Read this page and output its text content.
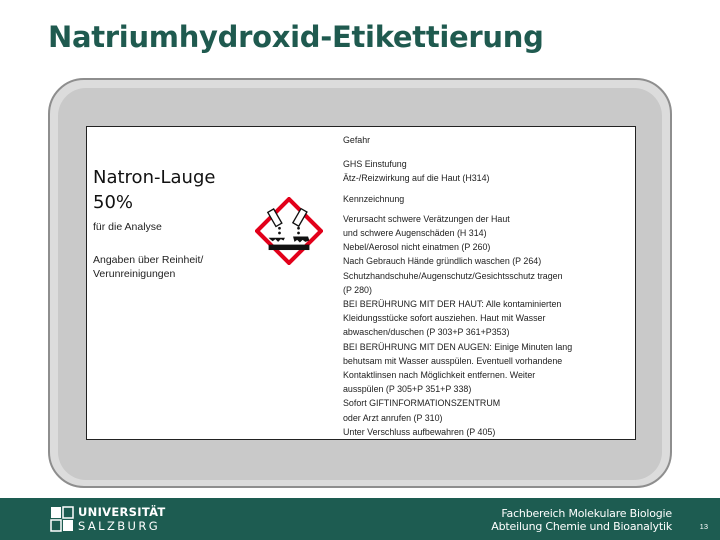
Natriumhydroxid-Etikettierung
Natron-Lauge 50%
für die Analyse
Angaben über Reinheit/ Verunreinigungen
Gefahr
GHS Einstufung
Ätz-/Reizwirkung auf die Haut (H314)
Kennzeichnung
Verursacht schwere Verätzungen der Haut
und schwere Augenschäden (H 314)
Nebel/Aerosol nicht einatmen (P 260)
Nach Gebrauch Hände gründlich waschen (P 264)
Schutzhandschuhe/Augenschutz/Gesichtsschutz tragen
(P 280)
BEI BERÜHRUNG MIT DER HAUT: Alle kontaminierten
Kleidungsstücke sofort ausziehen. Haut mit Wasser
abwaschen/duschen (P 303+P 361+P353)
BEI BERÜHRUNG MIT DEN AUGEN: Einige Minuten lang
behutsam mit Wasser ausspülen. Eventuell vorhandene
Kontaktlinsen nach Möglichkeit entfernen. Weiter
ausspülen (P 305+P 351+P 338)
Sofort GIFTINFORMATIONSZENTRUM
oder Arzt anrufen (P 310)
Unter Verschluss aufbewahren (P 405)
UNIVERSITÄT
SALZBURG
Fachbereich Molekulare Biologie
Abteilung Chemie und Bioanalytik	13
